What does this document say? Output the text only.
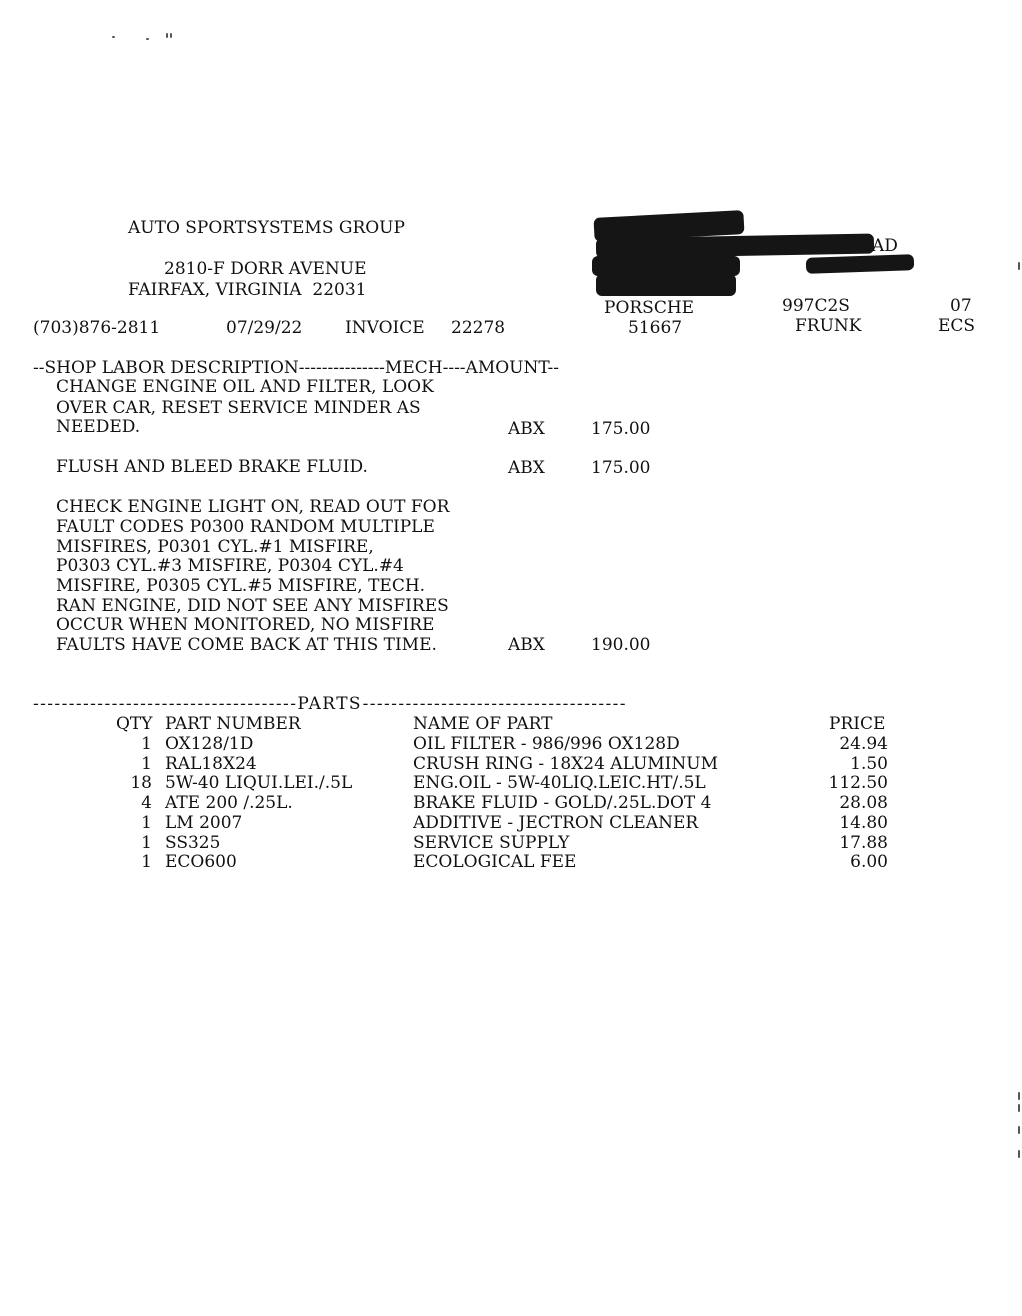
AUTO SPORTSYSTEMS GROUP
2810-F DORR AVENUE
FAIRFAX, VIRGINIA  22031
(703)876-2811	07/29/22	INVOICE 22278
AD
PORSCHE	997C2S	07
51667	FRUNK	ECS
--SHOP LABOR DESCRIPTION---------------MECH----AMOUNT--
CHANGE ENGINE OIL AND FILTER, LOOK
OVER CAR, RESET SERVICE MINDER AS
NEEDED.	ABX	175.00
FLUSH AND BLEED BRAKE FLUID.	ABX	175.00
CHECK ENGINE LIGHT ON, READ OUT FOR
FAULT CODES P0300 RANDOM MULTIPLE
MISFIRES, P0301 CYL.#1 MISFIRE,
P0303 CYL.#3 MISFIRE, P0304 CYL.#4
MISFIRE, P0305 CYL.#5 MISFIRE, TECH.
RAN ENGINE, DID NOT SEE ANY MISFIRES
OCCUR WHEN MONITORED, NO MISFIRE
FAULTS HAVE COME BACK AT THIS TIME.	ABX	190.00
-------------------------------------PARTS-------------------------------------
QTY PART NUMBER	NAME OF PART	PRICE
1 OX128/1D	OIL FILTER - 986/996 OX128D	24.94
1 RAL18X24	CRUSH RING - 18X24 ALUMINUM	1.50
18 5W-40 LIQUI.LEI./.5L	ENG.OIL - 5W-40LIQ.LEIC.HT/.5L	112.50
4 ATE 200 /.25L.	BRAKE FLUID - GOLD/.25L.DOT 4	28.08
1 LM 2007	ADDITIVE - JECTRON CLEANER	14.80
1 SS325	SERVICE SUPPLY	17.88
1 ECO600	ECOLOGICAL FEE	6.00
